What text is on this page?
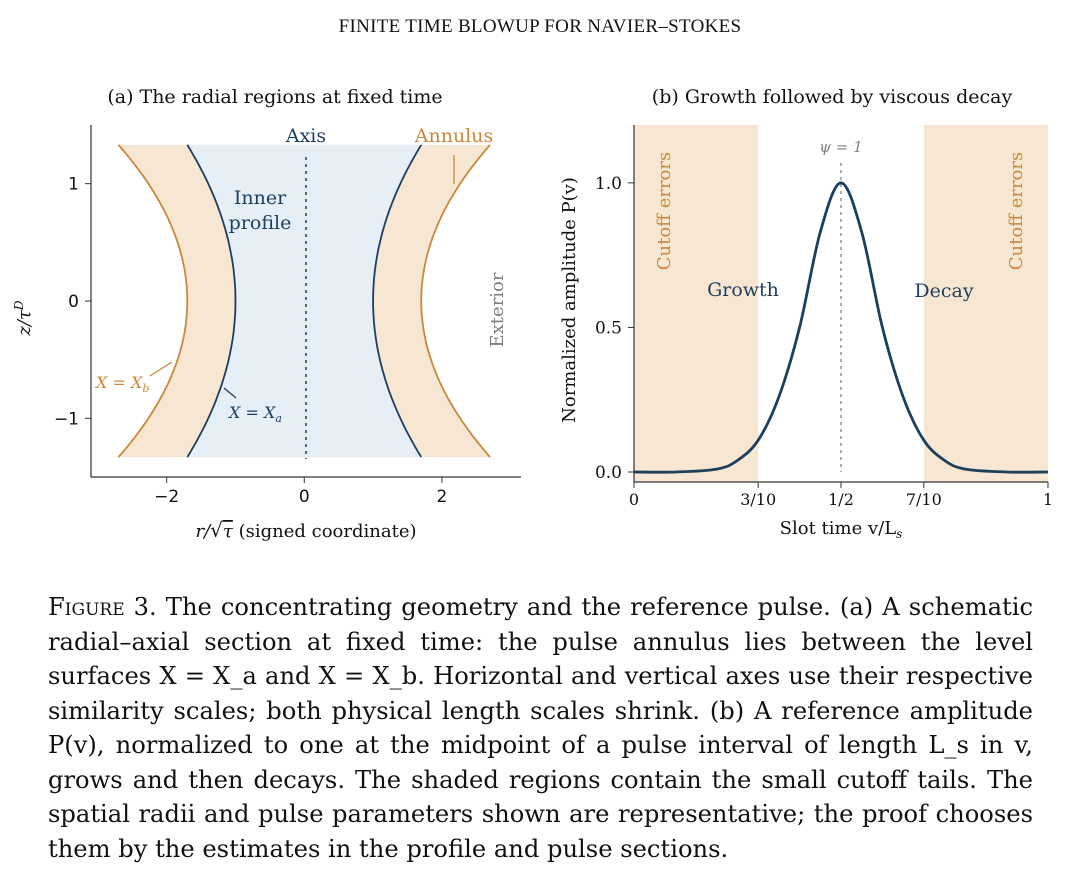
FINITE TIME BLOWUP FOR NAVIER–STOKES
(a) The radial regions at fixed time
−2	0	2
−1
0
1
Axis	Annulus
Inner
profile
Exterior
$X = X_b$
$X = X_a$
r/√τ (signed coordinate)
$z/\tau^D$
(b) Growth followed by viscous decay
0	3/10	1/2	7/10	1
0.0
0.5
1.0
ψ = 1
Growth	Decay
Cutoff errors	Cutoff errors
Slot time $v/L_s$
Normalized amplitude P(v)
Figure 3. The concentrating geometry and the reference pulse. (a) A schematic radial–axial section at fixed time: the pulse annulus lies between the level surfaces X = X_a and X = X_b. Horizontal and vertical axes use their respective similarity scales; both physical length scales shrink. (b) A reference amplitude P(v), normalized to one at the midpoint of a pulse interval of length L_s in v, grows and then decays. The shaded regions contain the small cutoff tails. The spatial radii and pulse parameters shown are representative; the proof chooses them by the estimates in the profile and pulse sections.
